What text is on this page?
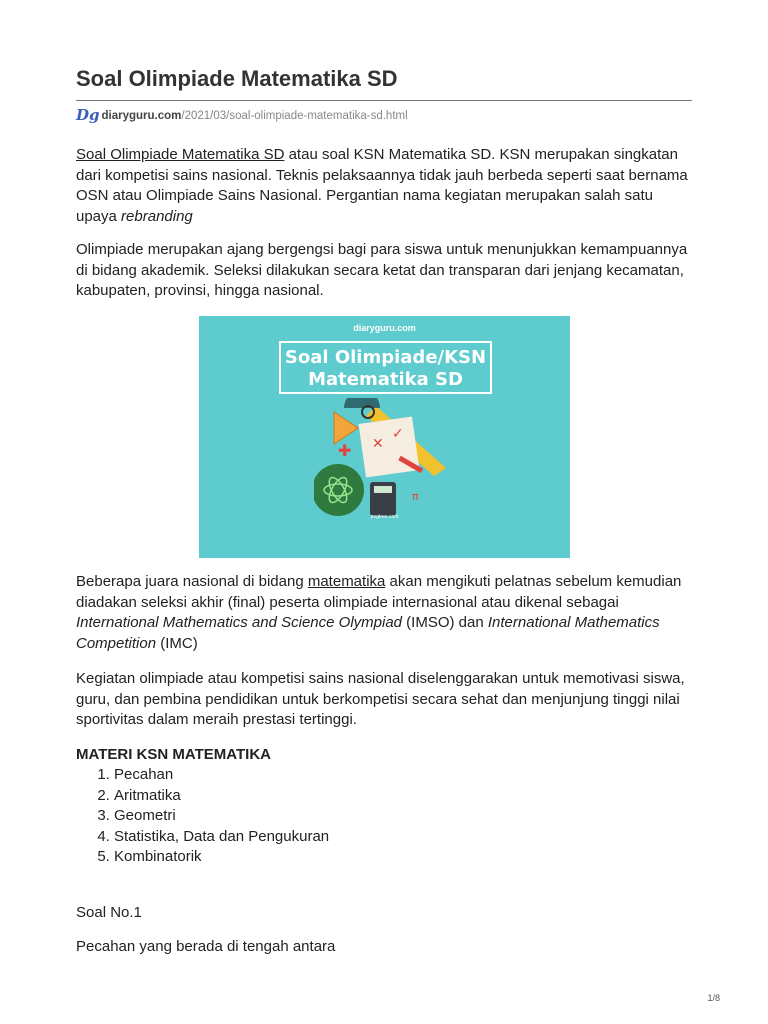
Soal Olimpiade Matematika SD
Dg diaryguru.com/2021/03/soal-olimpiade-matematika-sd.html

Soal Olimpiade Matematika SD atau soal KSN Matematika SD. KSN merupakan singkatan dari kompetisi sains nasional. Teknis pelaksaannya tidak jauh berbeda seperti saat bernama OSN atau Olimpiade Sains Nasional. Pergantian nama kegiatan merupakan salah satu upaya rebranding

Olimpiade merupakan ajang bergengsi bagi para siswa untuk menunjukkan kemampuannya di bidang akademik. Seleksi dilakukan secara ketat dan transparan dari jenjang kecamatan, kabupaten, provinsi, hingga nasional.

diaryguru.com
Soal Olimpiade/KSN
Matematika SD
✕
✓
✚
π
pngtree.com

Beberapa juara nasional di bidang matematika akan mengikuti pelatnas sebelum kemudian diadakan seleksi akhir (final) peserta olimpiade internasional atau dikenal sebagai International Mathematics and Science Olympiad (IMSO) dan International Mathematics Competition (IMC)

Kegiatan olimpiade atau kompetisi sains nasional diselenggarakan untuk memotivasi siswa, guru, dan pembina pendidikan untuk berkompetisi secara sehat dan menjunjung tinggi nilai sportivitas dalam meraih prestasi tertinggi.

MATERI KSN MATEMATIKA
1. Pecahan
2. Aritmatika
3. Geometri
4. Statistika, Data dan Pengukuran
5. Kombinatorik

Soal No.1

Pecahan yang berada di tengah antara

1/8
